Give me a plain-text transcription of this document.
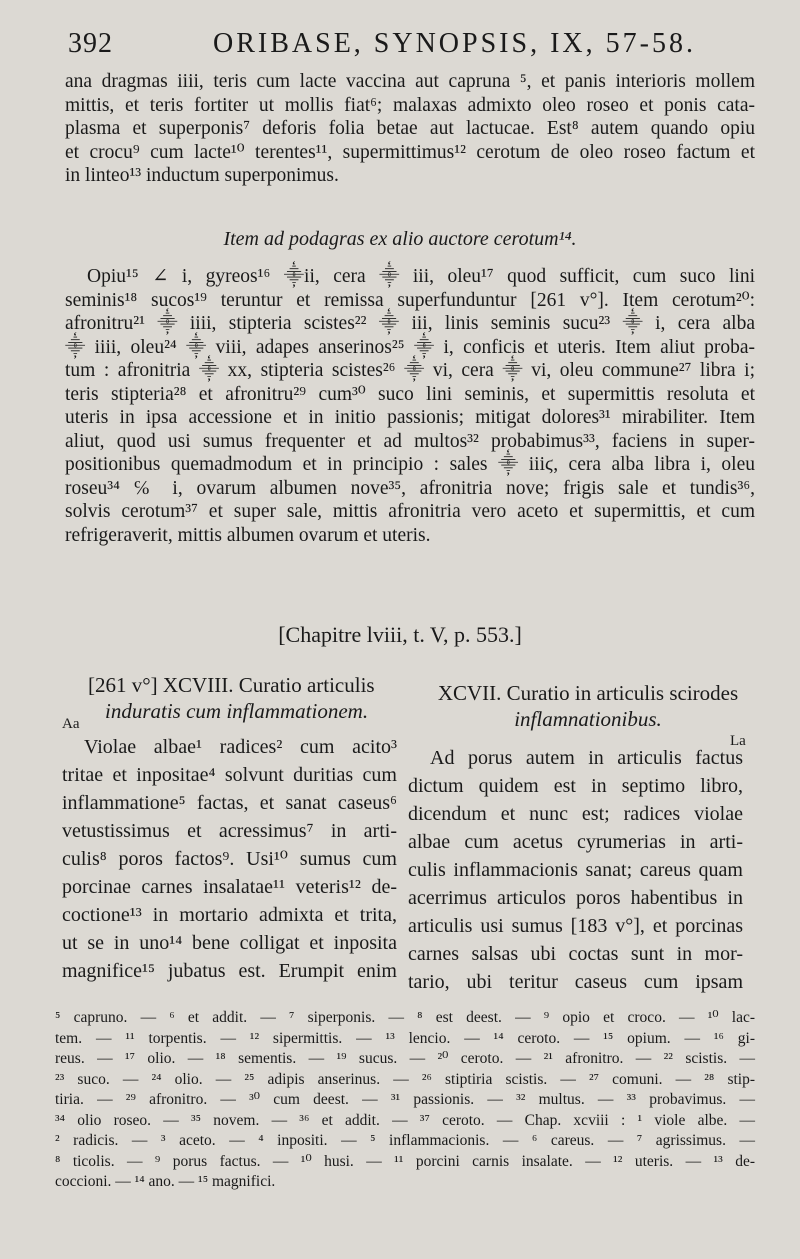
392	ORIBASE, SYNOPSIS, IX, 57-58.
ana dragmas iiii, teris cum lacte vaccina aut capruna ⁵, et panis interioris mollem
mittis, et teris fortiter ut mollis fiat⁶; malaxas admixto oleo roseo et ponis cata-
plasma et superponis⁷ deforis folia betae aut lactucae. Est⁸ autem quando opiu
et crocu⁹ cum lacte¹⁰ terentes¹¹, supermittimus¹² cerotum de oleo roseo factum et
in linteo¹³ inductum superponimus.
Item ad podagras ex alio auctore cerotum¹⁴.
Opiu¹⁵ ∠ i, gyreos¹⁶ ⸎ii, cera ⸎ iii, oleu¹⁷ quod sufficit, cum suco lini
seminis¹⁸ sucos¹⁹ teruntur et remissa superfunduntur [261 v°]. Item cerotum²⁰:
afronitru²¹ ⸎ iiii, stipteria scistes²² ⸎ iii, linis seminis sucu²³ ⸎ i, cera alba
⸎ iiii, oleu²⁴ ⸎ viii, adapes anserinos²⁵ ⸎ i, conficis et uteris. Item aliut proba-
tum : afronitria ⸎ xx, stipteria scistes²⁶ ⸎ vi, cera ⸎ vi, oleu commune²⁷ libra i;
teris stipteria²⁸ et afronitru²⁹ cum³⁰ suco lini seminis, et supermittis resoluta et
uteris in ipsa accessione et in initio passionis; mitigat dolores³¹ mirabiliter. Item
aliut, quod usi sumus frequenter et ad multos³² probabimus³³, faciens in super-
positionibus quemadmodum et in principio : sales ⸎ iiiϛ, cera alba libra i, oleu
roseu³⁴ ℅ i, ovarum albumen nove³⁵, afronitria nove; frigis sale et tundis³⁶,
solvis cerotum³⁷ et super sale, mittis afronitria vero aceto et supermittis, et cum
refrigeraverit, mittis albumen ovarum et uteris.
[Chapitre lviii, t. V, p. 553.]
[261 v°] XCVIII. Curatio articulis
induratis cum inflammationem.
Aa
Violae albae¹ radices² cum acito³
tritae et inpositae⁴ solvunt duritias cum
inflammatione⁵ factas, et sanat caseus⁶
vetustissimus et acressimus⁷ in arti-
culis⁸ poros factos⁹. Usi¹⁰ sumus cum
porcinae carnes insalatae¹¹ veteris¹² de-
coctione¹³ in mortario admixta et trita,
ut se in uno¹⁴ bene colligat et inposita
magnifice¹⁵ jubatus est. Erumpit enim
XCVII. Curatio in articulis scirodes
inflamnationibus.
La
Ad porus autem in articulis factus
dictum quidem est in septimo libro,
dicendum et nunc est; radices violae
albae cum acetus cyrumerias in arti-
culis inflammacionis sanat; careus quam
acerrimus articulos poros habentibus in
articulis usi sumus [183 v°], et porcinas
carnes salsas ubi coctas sunt in mor-
tario, ubi teritur caseus cum ipsam
⁵ capruno. — ⁶ et addit. — ⁷ siperponis. — ⁸ est deest. — ⁹ opio et croco. — ¹⁰ lac-
tem. — ¹¹ torpentis. — ¹² sipermittis. — ¹³ lencio. — ¹⁴ ceroto. — ¹⁵ opium. — ¹⁶ gi-
reus. — ¹⁷ olio. — ¹⁸ sementis. — ¹⁹ sucus. — ²⁰ ceroto. — ²¹ afronitro. — ²² scistis. —
²³ suco. — ²⁴ olio. — ²⁵ adipis anserinus. — ²⁶ stiptiria scistis. — ²⁷ comuni. — ²⁸ stip-
tiria. — ²⁹ afronitro. — ³⁰ cum deest. — ³¹ passionis. — ³² multus. — ³³ probavimus. —
³⁴ olio roseo. — ³⁵ novem. — ³⁶ et addit. — ³⁷ ceroto. — Chap. xcviii : ¹ viole albe. —
² radicis. — ³ aceto. — ⁴ inpositi. — ⁵ inflammacionis. — ⁶ careus. — ⁷ agrissimus. —
⁸ ticolis. — ⁹ porus factus. — ¹⁰ husi. — ¹¹ porcini carnis insalate. — ¹² uteris. — ¹³ de-
coccioni. — ¹⁴ ano. — ¹⁵ magnifici.
